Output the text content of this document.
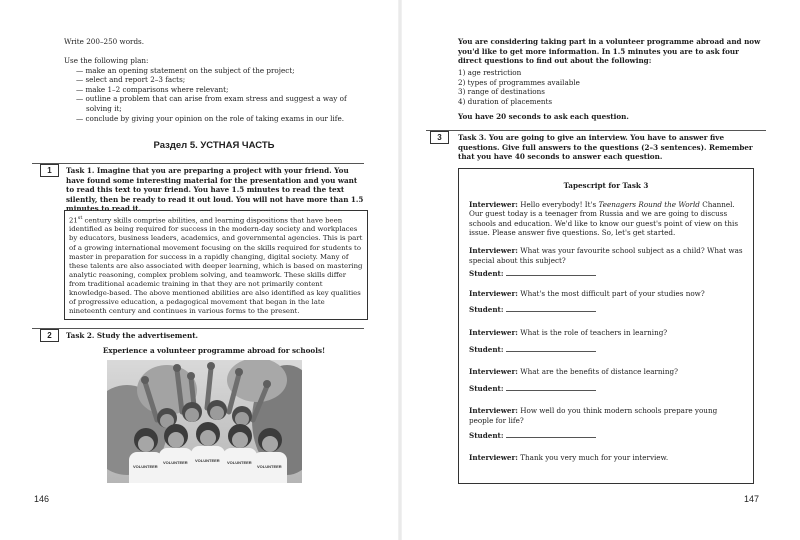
Write 200–250 words.
Use the following plan:
— make an opening statement on the subject of the project;
— select and report 2–3 facts;
— make 1–2 comparisons where relevant;
— outline a problem that can arise from exam stress and suggest a way of solving it;
— conclude by giving your opinion on the role of taking exams in our life.
Раздел 5. УСТНАЯ ЧАСТЬ
1	Task 1. Imagine that you are preparing a project with your friend. You have found some interesting material for the presentation and you want to read this text to your friend. You have 1.5 minutes to read the text silently, then be ready to read it out loud. You will not have more than 1.5 minutes to read it.
21st century skills comprise abilities, and learning dispositions that have been identified as being required for success in the modern-day society and workplaces by educators, business leaders, academics, and governmental agencies. This is part of a growing international movement focusing on the skills required for students to master in preparation for success in a rapidly changing, digital society. Many of these talents are also associated with deeper learning, which is based on mastering analytic reasoning, complex problem solving, and teamwork. These skills differ from traditional academic training in that they are not primarily content knowledge-based. The above mentioned abilities are also identified as key qualities of progressive education, a pedagogical movement that began in the late nineteenth century and continues in various forms to the present.
2	Task 2. Study the advertisement.
Experience a volunteer programme abroad for schools!
VOLUNTEER
VOLUNTEER VOLUNTEER VOLUNTEER
VOLUNTEER
146
You are considering taking part in a volunteer programme abroad and now you'd like to get more information. In 1.5 minutes you are to ask four direct questions to find out about the following:
1) age restriction
2) types of programmes available
3) range of destinations
4) duration of placements
You have 20 seconds to ask each question.
3	Task 3. You are going to give an interview. You have to answer five questions. Give full answers to the questions (2–3 sentences). Remember that you have 40 seconds to answer each question.
Tapescript for Task 3

Interviewer: Hello everybody! It's Teenagers Round the World Channel. Our guest today is a teenager from Russia and we are going to discuss schools and education. We'd like to know our guest's point of view on this issue. Please answer five questions. So, let's get started.

Interviewer: What was your favourite school subject as a child? What was special about this subject?

Student:

Interviewer: What's the most difficult part of your studies now?

Student:

Interviewer: What is the role of teachers in learning?

Student:

Interviewer: What are the benefits of distance learning?

Student:

Interviewer: How well do you think modern schools prepare young people for life?

Student:

Interviewer: Thank you very much for your interview.

147
